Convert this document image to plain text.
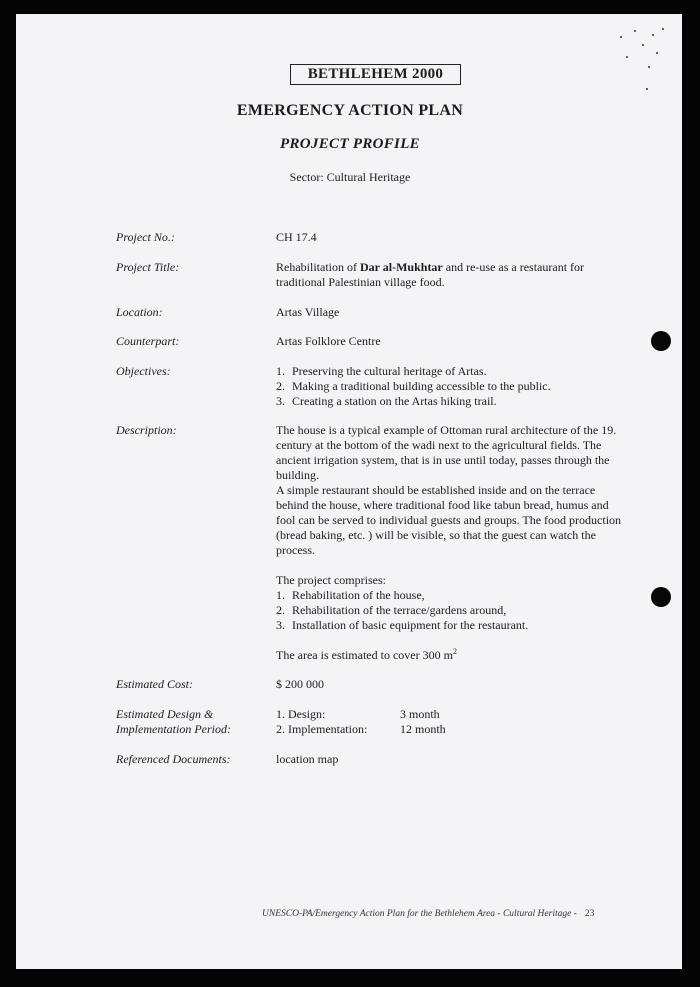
BETHLEHEM 2000
EMERGENCY ACTION PLAN
PROJECT PROFILE
Sector: Cultural Heritage
Project No.:	CH 17.4
Project Title:	Rehabilitation of Dar al-Mukhtar and re-use as a restaurant for traditional Palestinian village food.
Location:	Artas Village
Counterpart:	Artas Folklore Centre
Objectives:	1. Preserving the cultural heritage of Artas.
2. Making a traditional building accessible to the public.
3. Creating a station on the Artas hiking trail.
Description:	The house is a typical example of Ottoman rural architecture of the 19. century at the bottom of the wadi next to the agricultural fields. The ancient irrigation system, that is in use until today, passes through the building.

A simple restaurant should be established inside and on the terrace behind the house, where traditional food like tabun bread, humus and fool can be served to individual guests and groups. The food production (bread baking, etc. ) will be visible, so that the guest can watch the process.

The project comprises:

1. Rehabilitation of the house,
2. Rehabilitation of the terrace/gardens around,
3. Installation of basic equipment for the restaurant.

The area is estimated to cover 300 $m^2$

Estimated Cost:	$ 200 000
Estimated Design &
Implementation Period:
1. Design:	3 month
2. Implementation:	12 month
Referenced Documents:	location map
UNESCO-PA/Emergency Action Plan for the Bethlehem Area - Cultural Heritage - 23
